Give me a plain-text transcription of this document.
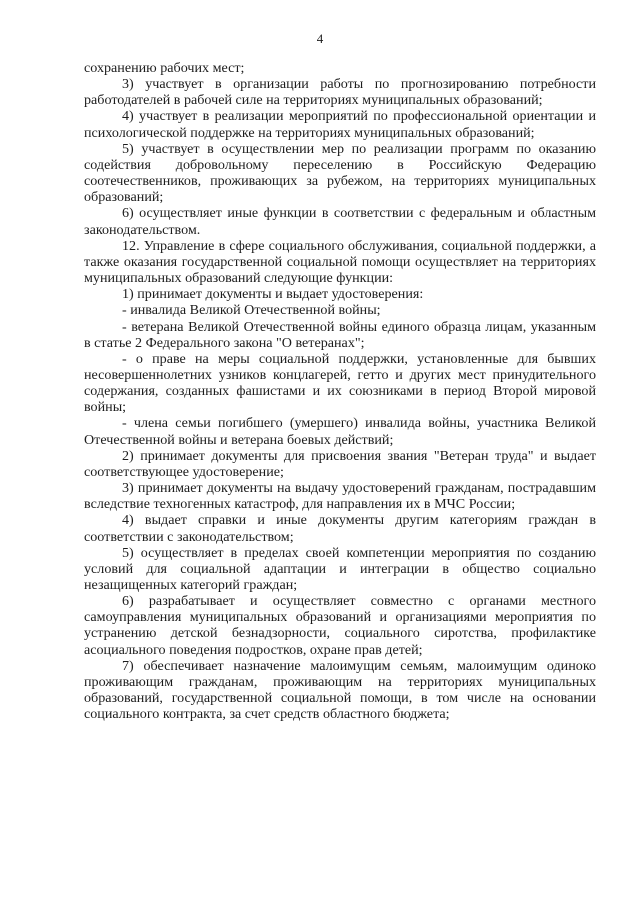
4

сохранению рабочих мест;

3) участвует в организации работы по прогнозированию потребности работодателей в рабочей силе на территориях муниципальных образований;

4) участвует в реализации мероприятий по профессиональной ориентации и психологической поддержке на территориях муниципальных образований;

5) участвует в осуществлении мер по реализации программ по оказанию содействия добровольному переселению в Российскую Федерацию соотечественников, проживающих за рубежом, на территориях муниципальных образований;

6) осуществляет иные функции в соответствии с федеральным и областным законодательством.

12. Управление в сфере социального обслуживания, социальной поддержки, а также оказания государственной социальной помощи осуществляет на территориях муниципальных образований следующие функции:

1) принимает документы и выдает удостоверения:

- инвалида Великой Отечественной войны;

- ветерана Великой Отечественной войны единого образца лицам, указанным в статье 2 Федерального закона "О ветеранах";

- о праве на меры социальной поддержки, установленные для бывших несовершеннолетних узников концлагерей, гетто и других мест принудительного содержания, созданных фашистами и их союзниками в период Второй мировой войны;

- члена семьи погибшего (умершего) инвалида войны, участника Великой Отечественной войны и ветерана боевых действий;

2) принимает документы для присвоения звания "Ветеран труда" и выдает соответствующее удостоверение;

3) принимает документы на выдачу удостоверений гражданам, пострадавшим вследствие техногенных катастроф, для направления их в МЧС России;

4) выдает справки и иные документы другим категориям граждан в соответствии с законодательством;

5) осуществляет в пределах своей компетенции мероприятия по созданию условий для социальной адаптации и интеграции в общество социально незащищенных категорий граждан;

6) разрабатывает и осуществляет совместно с органами местного самоуправления муниципальных образований и организациями мероприятия по устранению детской безнадзорности, социального сиротства, профилактике асоциального поведения подростков, охране прав детей;

7) обеспечивает назначение малоимущим семьям, малоимущим одиноко проживающим гражданам, проживающим на территориях муниципальных образований, государственной социальной помощи, в том числе на основании социального контракта, за счет средств областного бюджета;
